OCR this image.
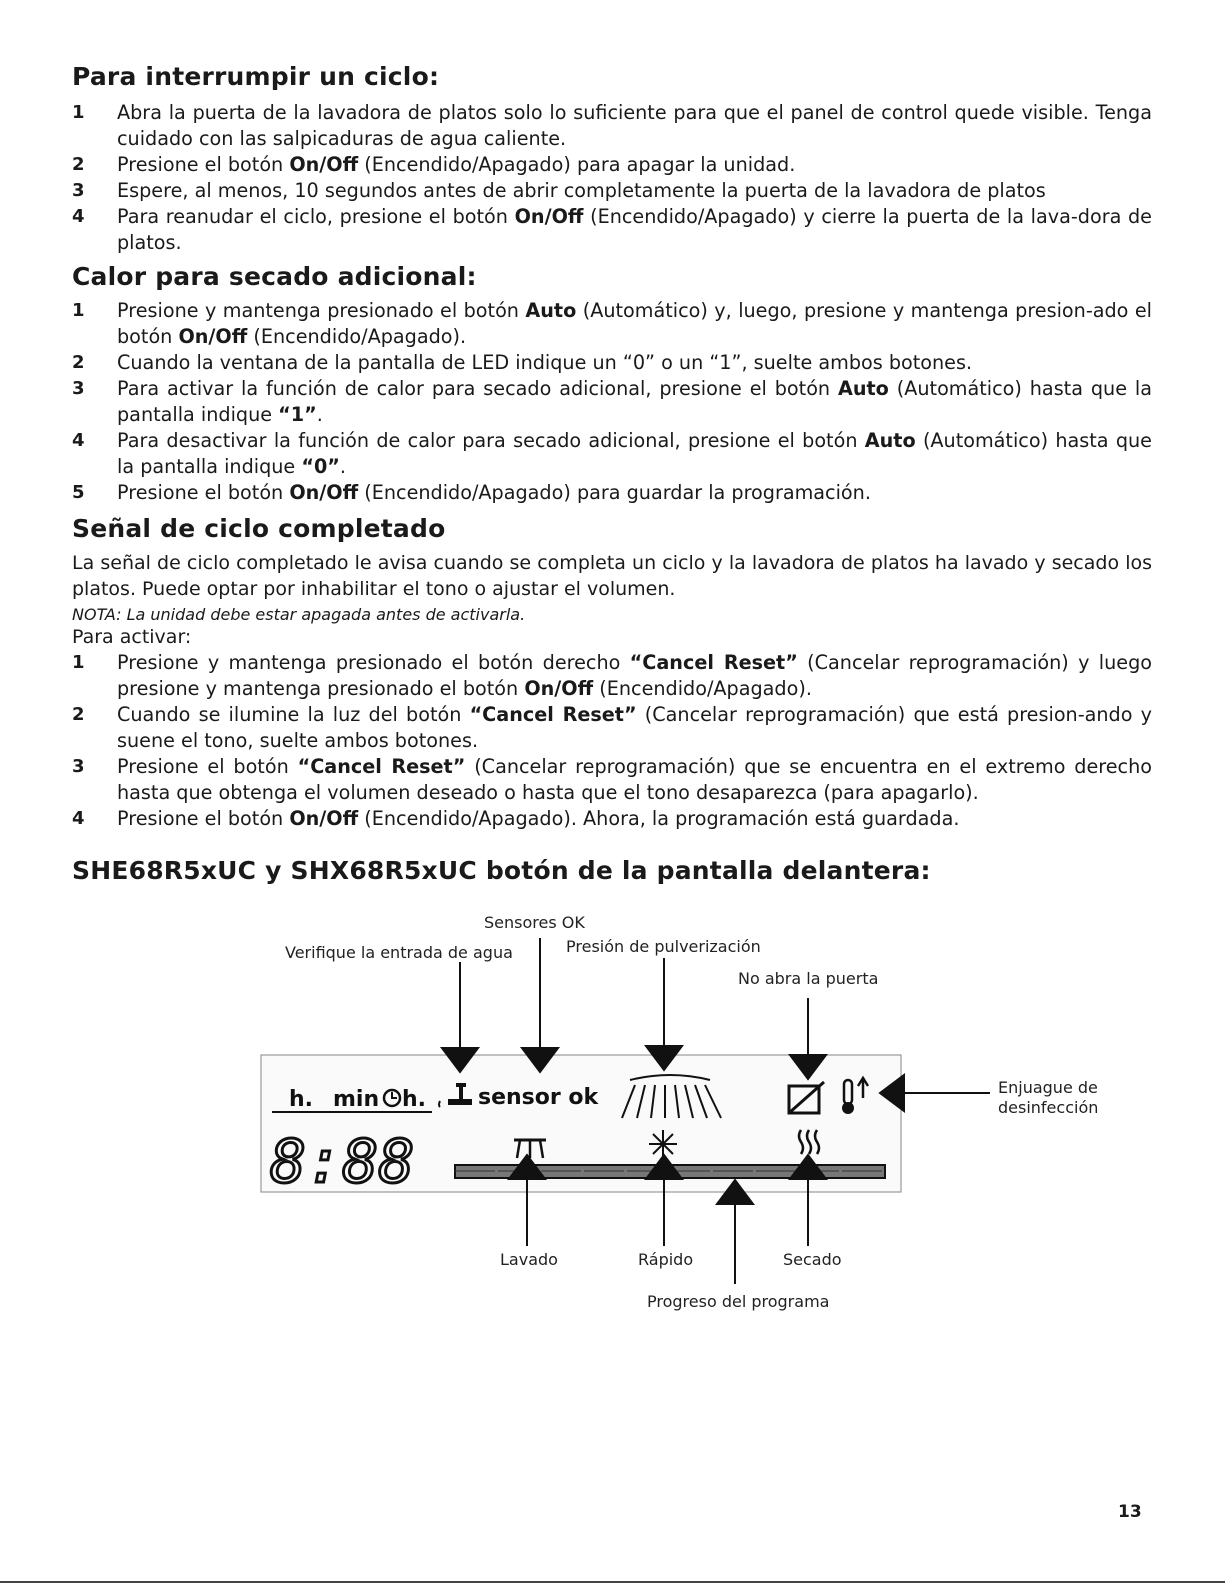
Para interrumpir un ciclo:
1 Abra la puerta de la lavadora de platos solo lo suficiente para que el panel de control quede visible. Tenga cuidado con las salpicaduras de agua caliente.
2 Presione el botón On/Off (Encendido/Apagado) para apagar la unidad.
3 Espere, al menos, 10 segundos antes de abrir completamente la puerta de la lavadora de platos
4 Para reanudar el ciclo, presione el botón On/Off (Encendido/Apagado) y cierre la puerta de la lava-dora de platos.
Calor para secado adicional:
1 Presione y mantenga presionado el botón Auto (Automático) y, luego, presione y mantenga presion-ado el botón On/Off (Encendido/Apagado).
2 Cuando la ventana de la pantalla de LED indique un “0” o un “1”, suelte ambos botones.
3 Para activar la función de calor para secado adicional, presione el botón Auto (Automático) hasta que la pantalla indique “1”.
4 Para desactivar la función de calor para secado adicional, presione el botón Auto (Automático) hasta que la pantalla indique “0”.
5 Presione el botón On/Off (Encendido/Apagado) para guardar la programación.
Señal de ciclo completado

La señal de ciclo completado le avisa cuando se completa un ciclo y la lavadora de platos ha lavado y secado los platos. Puede optar por inhabilitar el tono o ajustar el volumen.

NOTA: La unidad debe estar apagada antes de activarla.

Para activar:

1 Presione y mantenga presionado el botón derecho “Cancel Reset” (Cancelar reprogramación) y luego presione y mantenga presionado el botón On/Off (Encendido/Apagado).
2 Cuando se ilumine la luz del botón “Cancel Reset” (Cancelar reprogramación) que está presion-ando y suene el tono, suelte ambos botones.
3 Presione el botón “Cancel Reset” (Cancelar reprogramación) que se encuentra en el extremo derecho hasta que obtenga el volumen deseado o hasta que el tono desaparezca (para apagarlo).
4 Presione el botón On/Off (Encendido/Apagado). Ahora, la programación está guardada.
SHE68R5xUC y SHX68R5xUC botón de la pantalla delantera:
Sensores OK
Verifique la entrada de agua	Presión de pulverización
No abra la puerta
Enjuague de desinfección
Lavado	Rápido	Secado
Progreso del programa
h. min h. sensor ok
8:88
13
